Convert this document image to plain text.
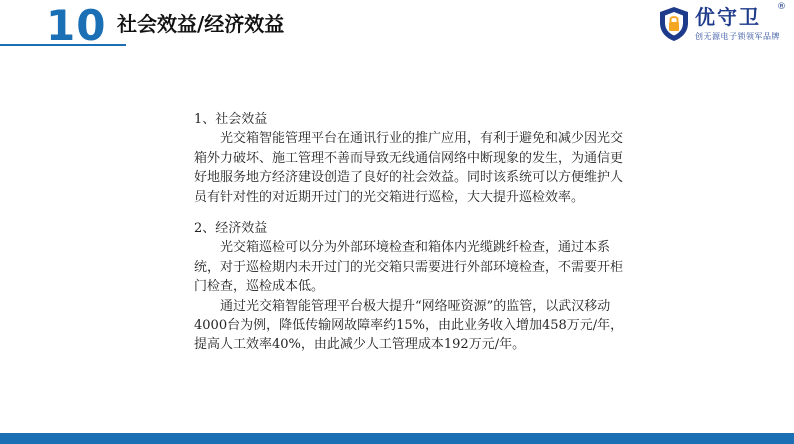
10 社会效益/经济效益	优守卫 ®
创无源电子锁领军品牌

1、社会效益

光交箱智能管理平台在通讯行业的推广应用，有利于避免和减少因光交箱外力破坏、施工管理不善而导致无线通信网络中断现象的发生，为通信更好地服务地方经济建设创造了良好的社会效益。同时该系统可以方便维护人员有针对性的对近期开过门的光交箱进行巡检，大大提升巡检效率。

2、经济效益

光交箱巡检可以分为外部环境检查和箱体内光缆跳纤检查，通过本系统，对于巡检期内未开过门的光交箱只需要进行外部环境检查，不需要开柜门检查，巡检成本低。

通过光交箱智能管理平台极大提升“网络哑资源”的监管，以武汉移动4000台为例，降低传输网故障率约15%，由此业务收入增加458万元/年，提高人工效率40%，由此减少人工管理成本192万元/年。
